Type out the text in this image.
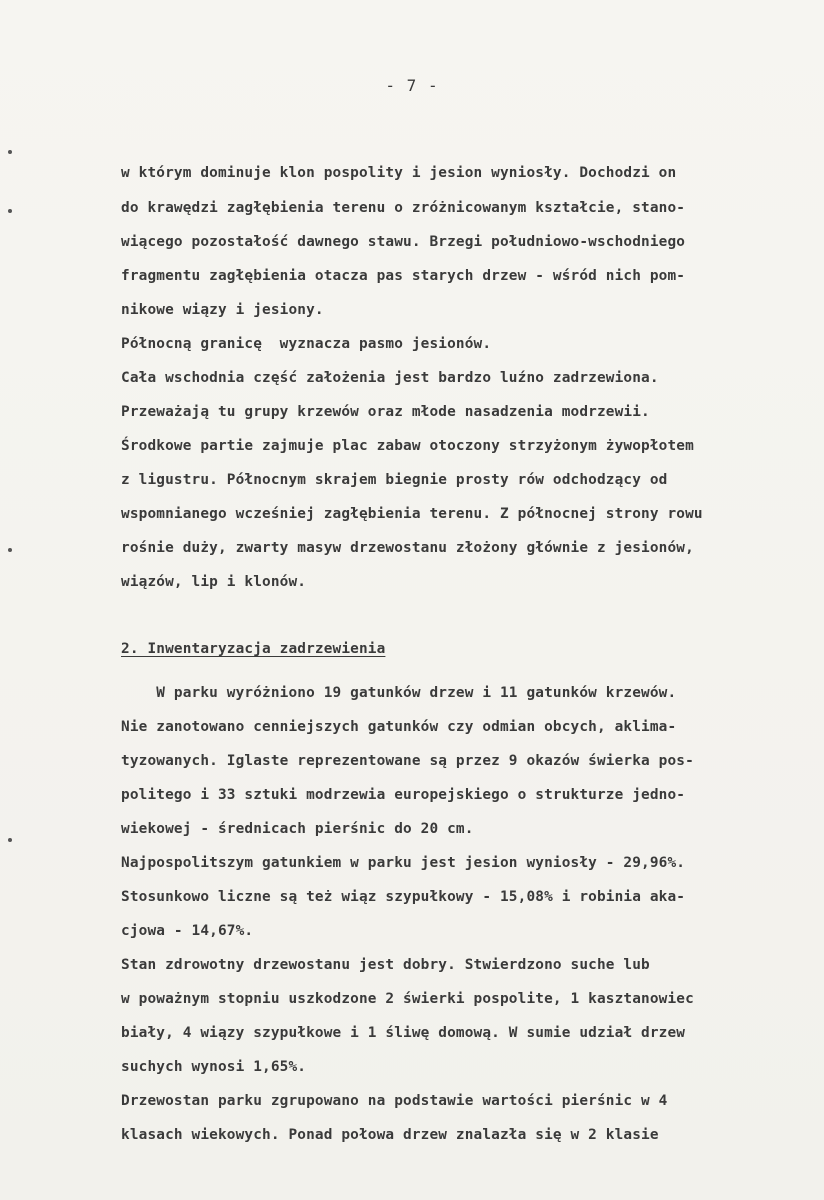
- 7 -
w którym dominuje klon pospolity i jesion wyniosły. Dochodzi on
do krawędzi zagłębienia terenu o zróżnicowanym kształcie, stano-
wiącego pozostałość dawnego stawu. Brzegi południowo-wschodniego
fragmentu zagłębienia otacza pas starych drzew - wśród nich pom-
nikowe wiązy i jesiony.
Północną granicę  wyznacza pasmo jesionów.
Cała wschodnia część założenia jest bardzo luźno zadrzewiona.
Przeważają tu grupy krzewów oraz młode nasadzenia modrzewii.
Środkowe partie zajmuje plac zabaw otoczony strzyżonym żywopłotem
z ligustru. Północnym skrajem biegnie prosty rów odchodzący od
wspomnianego wcześniej zagłębienia terenu. Z północnej strony rowu
rośnie duży, zwarty masyw drzewostanu złożony głównie z jesionów,
wiązów, lip i klonów.
2. Inwentaryzacja zadrzewienia
W parku wyróżniono 19 gatunków drzew i 11 gatunków krzewów.
Nie zanotowano cenniejszych gatunków czy odmian obcych, aklima-
tyzowanych. Iglaste reprezentowane są przez 9 okazów świerka pos-
politego i 33 sztuki modrzewia europejskiego o strukturze jedno-
wiekowej - średnicach pierśnic do 20 cm.
Najpospolitszym gatunkiem w parku jest jesion wyniosły - 29,96%.
Stosunkowo liczne są też wiąz szypułkowy - 15,08% i robinia aka-
cjowa - 14,67%.
Stan zdrowotny drzewostanu jest dobry. Stwierdzono suche lub
w poważnym stopniu uszkodzone 2 świerki pospolite, 1 kasztanowiec
biały, 4 wiązy szypułkowe i 1 śliwę domową. W sumie udział drzew
suchych wynosi 1,65%.
Drzewostan parku zgrupowano na podstawie wartości pierśnic w 4
klasach wiekowych. Ponad połowa drzew znalazła się w 2 klasie
